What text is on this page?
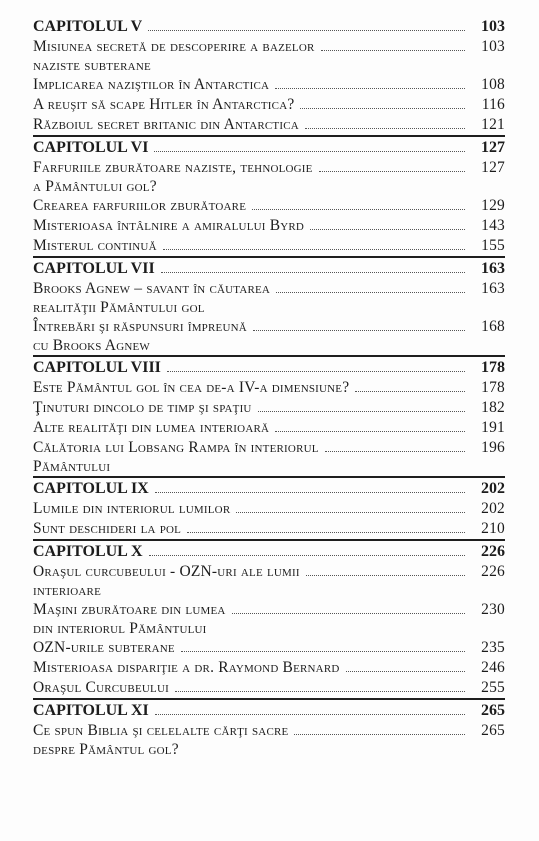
CAPITOLUL V	103
Misiunea secretă de descoperire a bazelor	103
naziste subterane
Implicarea naziştilor în Antarctica	108
A reuşit să scape Hitler în Antarctica?	116
Războiul secret britanic din Antarctica	121
CAPITOLUL VI	127
Farfuriile zburătoare naziste, tehnologie	127
a Pământului gol?
Crearea farfuriilor zburătoare	129
Misterioasa întâlnire a amiralului Byrd	143
Misterul continuă	155
CAPITOLUL VII	163
Brooks Agnew – savant în căutarea	163
realităţii Pământului gol
Întrebări şi răspunsuri împreună	168
cu Brooks Agnew
CAPITOLUL VIII	178
Este Pământul gol în cea de-a IV-a dimensiune?	178
Ţinuturi dincolo de timp şi spaţiu	182
Alte realităţi din lumea interioară	191
Călătoria lui Lobsang Rampa în interiorul	196
Pământului
CAPITOLUL IX	202
Lumile din interiorul lumilor	202
Sunt deschideri la pol	210
CAPITOLUL X	226
Oraşul curcubeului - OZN-uri ale lumii	226
interioare
Maşini zburătoare din lumea	230
din interiorul Pământului
OZN-urile subterane	235
Misterioasa dispariţie a dr. Raymond Bernard	246
Oraşul Curcubeului	255
CAPITOLUL XI	265
Ce spun Biblia şi celelalte cărţi sacre	265
despre Pământul gol?
